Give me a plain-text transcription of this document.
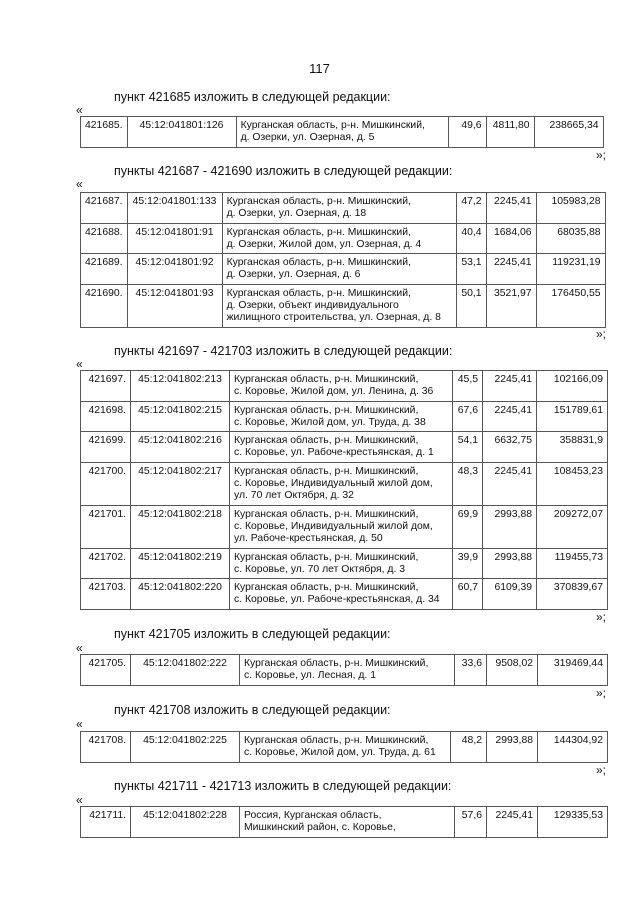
117
пункт 421685 изложить в следующей редакции:
«
421685.	45:12:041801:126	Курганская область, р-н. Мишкинский,
д. Озерки, ул. Озерная, д. 5
	49,6	4811,80	238665,34
»;
пункты 421687 - 421690 изложить в следующей редакции:
«
421687.	45:12:041801:133	Курганская область, р-н. Мишкинский,
д. Озерки, ул. Озерная, д. 18	47,2	2245,41	105983,28
421688.	45:12:041801:91	Курганская область, р-н. Мишкинский,
д. Озерки, Жилой дом, ул. Озерная, д. 4	40,4	1684,06	68035,88
421689.	45:12:041801:92	Курганская область, р-н. Мишкинский,
д. Озерки, ул. Озерная, д. 6	53,1	2245,41	119231,19
421690.	45:12:041801:93	Курганская область, р-н. Мишкинский,
д. Озерки, объект индивидуального
жилищного строительства, ул. Озерная, д. 8	50,1	3521,97	176450,55
»;
пункты 421697 - 421703 изложить в следующей редакции:
«
421697.	45:12:041802:213	Курганская область, р-н. Мишкинский,
с. Коровье, Жилой дом, ул. Ленина, д. 36	45,5	2245,41	102166,09
421698.	45:12:041802:215	Курганская область, р-н. Мишкинский,
с. Коровье, Жилой дом, ул. Труда, д. 38	67,6	2245,41	151789,61
421699.	45:12:041802:216	Курганская область, р-н. Мишкинский,
с. Коровье, ул. Рабоче-крестьянская, д. 1	54,1	6632,75	358831,9
421700.	45:12:041802:217	Курганская область, р-н. Мишкинский,
с. Коровье, Индивидуальный жилой дом,
ул. 70 лет Октября, д. 32	48,3	2245,41	108453,23
421701.	45:12:041802:218	Курганская область, р-н. Мишкинский,
с. Коровье, Индивидуальный жилой дом,
ул. Рабоче-крестьянская, д. 50	69,9	2993,88	209272,07
421702.	45:12:041802:219	Курганская область, р-н. Мишкинский,
с. Коровье, ул. 70 лет Октября, д. 3	39,9	2993,88	119455,73
421703.	45:12:041802:220	Курганская область, р-н. Мишкинский,
с. Коровье, ул. Рабоче-крестьянская, д. 34	60,7	6109,39	370839,67
»;
пункт 421705 изложить в следующей редакции:
«
421705.	45:12:041802:222	Курганская область, р-н. Мишкинский,
с. Коровье, ул. Лесная, д. 1
	33,6	9508,02	319469,44
»;
пункт 421708 изложить в следующей редакции:
«
421708.	45:12:041802:225	Курганская область, р-н. Мишкинский,
с. Коровье, Жилой дом, ул. Труда, д. 61
	48,2	2993,88	144304,92
»;
пункты 421711 - 421713 изложить в следующей редакции:
«
421711.	45:12:041802:228	Россия, Курганская область,
Мишкинский район, с. Коровье,
	57,6	2245,41	129335,53
